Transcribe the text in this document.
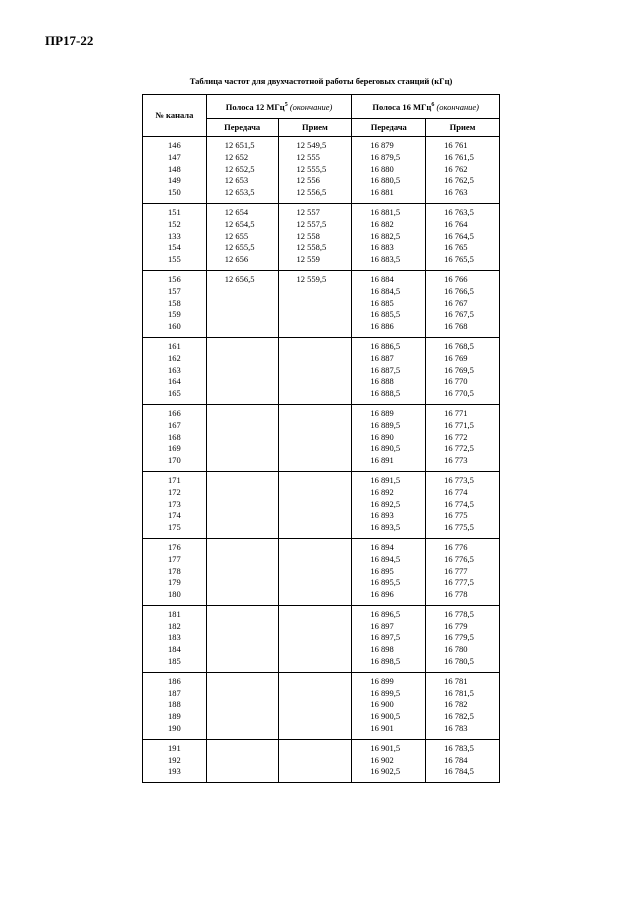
ПР17-22
Таблица частот для двухчастотной работы береговых станций (кГц)
№ канала	Полоса 12 МГц$^5$ (окончание)		Полоса 16 МГц$^6$ (окончание)	
	Передача	Прием	Передача	Прием

146
147
148
149
150	12 651,5
12 652
12 652,5
12 653
12 653,5	12 549,5
12 555
12 555,5
12 556
12 556,5	16 879
16 879,5
16 880
16 880,5
16 881	16 761
16 761,5
16 762
16 762,5
16 763

151
152
133
154
155	12 654
12 654,5
12 655
12 655,5
12 656	12 557
12 557,5
12 558
12 558,5
12 559	16 881,5
16 882
16 882,5
16 883
16 883,5	16 763,5
16 764
16 764,5
16 765
16 765,5

156
157
158
159
160	12 656,5	12 559,5	16 884
16 884,5
16 885
16 885,5
16 886	16 766
16 766,5
16 767
16 767,5
16 768

161
162
163
164
165			16 886,5
16 887
16 887,5
16 888
16 888,5	16 768,5
16 769
16 769,5
16 770
16 770,5

166
167
168
169
170			16 889
16 889,5
16 890
16 890,5
16 891	16 771
16 771,5
16 772
16 772,5
16 773

171
172
173
174
175			16 891,5
16 892
16 892,5
16 893
16 893,5	16 773,5
16 774
16 774,5
16 775
16 775,5

176
177
178
179
180			16 894
16 894,5
16 895
16 895,5
16 896	16 776
16 776,5
16 777
16 777,5
16 778

181
182
183
184
185			16 896,5
16 897
16 897,5
16 898
16 898,5	16 778,5
16 779
16 779,5
16 780
16 780,5

186
187
188
189
190			16 899
16 899,5
16 900
16 900,5
16 901	16 781
16 781,5
16 782
16 782,5
16 783

191
192
193			16 901,5
16 902
16 902,5	16 783,5
16 784
16 784,5
